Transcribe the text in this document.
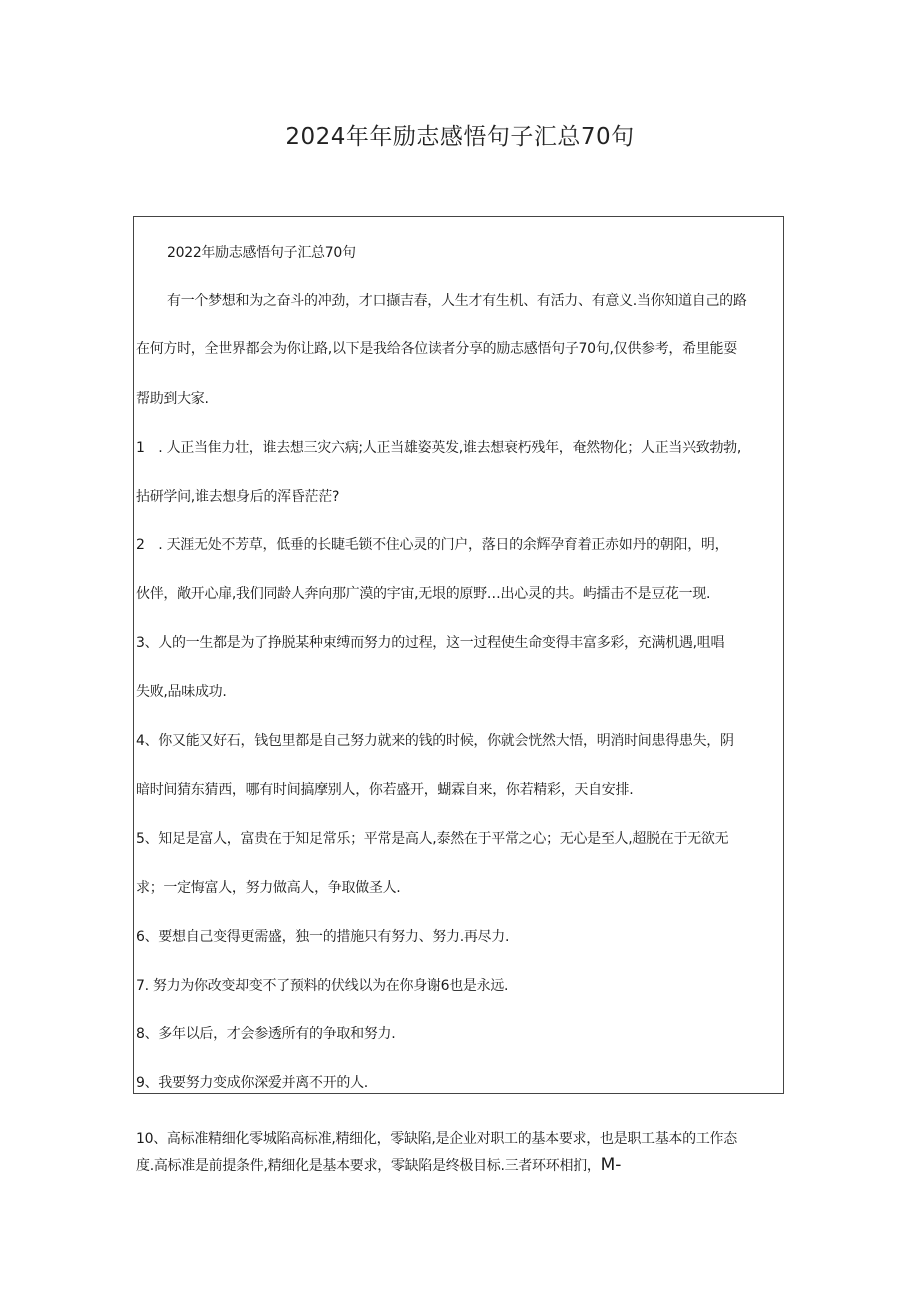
2024年年励志感悟句子汇总70句
2022年励志感悟句子汇总70句
有一个梦想和为之奋斗的冲劲，才口撷吉春，人生才有生机、有活力、有意义.当你知道自己的路
在何方时，全世界都会为你让路,以下是我给各位读者分享的励志感悟句子70句,仅供参考，希里能耍
帮助到大家.
1　. 人正当隹力壮，谁去想三灾六病;人正当雄姿英发,谁去想衰朽残年，奄然物化；人正当兴致勃勃,
拈研学问,谁去想身后的浑昏茫茫?
2　. 天涯无处不芳草，低垂的长睫毛锁不住心灵的门户，落日的余辉孕育着正赤如丹的朝阳，明，
伙伴，敞开心扉,我们同龄人奔向那广漠的宇宙,无垠的原野…出心灵的共。屿擂击不是豆花一现.
3、人的一生都是为了挣脱某种束缚而努力的过程，这一过程使生命变得丰富多彩，充满机遇,咀唱
失败,品味成功.
4、你又能又好石，钱包里都是自己努力就来的钱的时候，你就会恍然大悟，明消时间患得患失，阴
暗时间猜东猜西，哪有时间搞摩别人，你若盛开，蝴霖自来，你若精彩，天自安排.
5、知足是富人，富贵在于知足常乐；平常是高人,泰然在于平常之心；无心是至人,超脱在于无欲无
求；一定悔富人，努力做高人，争取做圣人.
6、要想自己变得更需盛，独一的措施只有努力、努力.再尽力.
7. 努力为你改变却变不了预料的伏线以为在你身谢6也是永远.
8、多年以后，才会参透所有的争取和努力.
9、我要努力变成你深爱并离不开的人.
10、高标准精细化零城陷高标准,精细化，零缺陷,是企业对职工的基本要求，也是职工基本的工作态
度.高标准是前提条件,精细化是基本要求，零缺陷是终极目标.三者环环相扪，M-
